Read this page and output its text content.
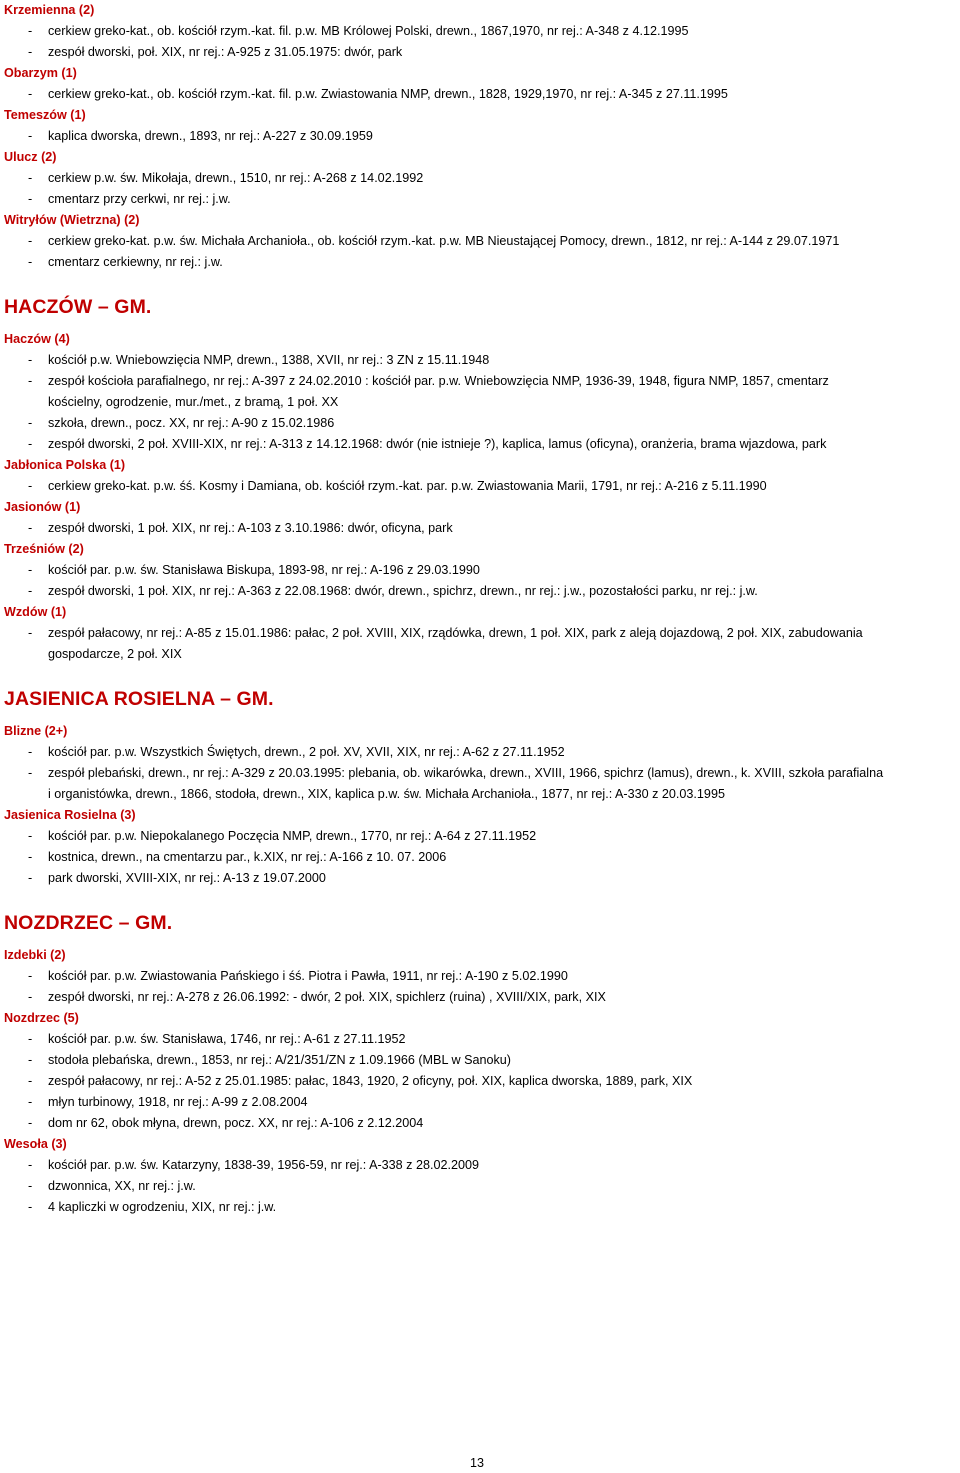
Krzemienna (2)
- cerkiew greko-kat., ob. kościół rzym.-kat. fil. p.w. MB Królowej Polski, drewn., 1867,1970, nr rej.: A-348 z 4.12.1995
- zespół dworski, poł. XIX, nr rej.: A-925 z 31.05.1975: dwór, park
Obarzym (1)
- cerkiew greko-kat., ob. kościół rzym.-kat. fil. p.w. Zwiastowania NMP, drewn., 1828, 1929,1970, nr rej.: A-345 z 27.11.1995
Temeszów (1)
- kaplica dworska, drewn., 1893, nr rej.: A-227 z 30.09.1959
Ulucz (2)
- cerkiew p.w. św. Mikołaja, drewn., 1510, nr rej.: A-268 z 14.02.1992
- cmentarz przy cerkwi, nr rej.: j.w.
Witryłów (Wietrzna) (2)
- cerkiew greko-kat. p.w. św. Michała Archanioła., ob. kościół rzym.-kat. p.w. MB Nieustającej Pomocy, drewn., 1812, nr rej.: A-144 z 29.07.1971
- cmentarz cerkiewny, nr rej.: j.w.
HACZÓW – GM.
Haczów (4)
- kościół p.w. Wniebowzięcia NMP, drewn., 1388, XVII, nr rej.: 3 ZN z 15.11.1948
- zespół kościoła parafialnego, nr rej.: A-397 z 24.02.2010 : kościół par. p.w. Wniebowzięcia NMP, 1936-39, 1948, figura NMP, 1857, cmentarz
kościelny, ogrodzenie, mur./met., z bramą, 1 poł. XX
- szkoła, drewn., pocz. XX, nr rej.: A-90 z 15.02.1986
- zespół dworski, 2 poł. XVIII-XIX, nr rej.: A-313 z 14.12.1968: dwór (nie istnieje ?), kaplica, lamus (oficyna), oranżeria, brama wjazdowa, park
Jabłonica Polska (1)
- cerkiew greko-kat. p.w. śś. Kosmy i Damiana, ob. kościół rzym.-kat. par. p.w. Zwiastowania Marii, 1791, nr rej.: A-216 z 5.11.1990
Jasionów (1)
- zespół dworski, 1 poł. XIX, nr rej.: A-103 z 3.10.1986: dwór, oficyna, park
Trześniów (2)
- kościół par. p.w. św. Stanisława Biskupa, 1893-98, nr rej.: A-196 z 29.03.1990
- zespół dworski, 1 poł. XIX, nr rej.: A-363 z 22.08.1968: dwór, drewn., spichrz, drewn., nr rej.: j.w., pozostałości parku, nr rej.: j.w.
Wzdów (1)
- zespół pałacowy, nr rej.: A-85 z 15.01.1986: pałac, 2 poł. XVIII, XIX, rządówka, drewn, 1 poł. XIX, park z aleją dojazdową, 2 poł. XIX, zabudowania
gospodarcze, 2 poł. XIX
JASIENICA ROSIELNA – GM.
Blizne (2+)
- kościół par. p.w. Wszystkich Świętych, drewn., 2 poł. XV, XVII, XIX, nr rej.: A-62 z 27.11.1952
- zespół plebański, drewn., nr rej.: A-329 z 20.03.1995: plebania, ob. wikarówka, drewn., XVIII, 1966, spichrz (lamus), drewn., k. XVIII, szkoła parafialna
i organistówka, drewn., 1866, stodoła, drewn., XIX, kaplica p.w. św. Michała Archanioła., 1877, nr rej.: A-330 z 20.03.1995
Jasienica Rosielna (3)
- kościół par. p.w. Niepokalanego Poczęcia NMP, drewn., 1770, nr rej.: A-64 z 27.11.1952
- kostnica, drewn., na cmentarzu par., k.XIX, nr rej.: A-166 z 10. 07. 2006
- park dworski, XVIII-XIX, nr rej.: A-13 z 19.07.2000
NOZDRZEC – GM.
Izdebki (2)
- kościół par. p.w. Zwiastowania Pańskiego i śś. Piotra i Pawła, 1911, nr rej.: A-190 z 5.02.1990
- zespół dworski, nr rej.: A-278 z 26.06.1992: - dwór, 2 poł. XIX, spichlerz (ruina) , XVIII/XIX, park, XIX
Nozdrzec (5)
- kościół par. p.w. św. Stanisława, 1746, nr rej.: A-61 z 27.11.1952
- stodoła plebańska, drewn., 1853, nr rej.: A/21/351/ZN z 1.09.1966 (MBL w Sanoku)
- zespół pałacowy, nr rej.: A-52 z 25.01.1985: pałac, 1843, 1920, 2 oficyny, poł. XIX, kaplica dworska, 1889, park, XIX
- młyn turbinowy, 1918, nr rej.: A-99 z 2.08.2004
- dom nr 62, obok młyna, drewn, pocz. XX, nr rej.: A-106 z 2.12.2004
Wesoła (3)
- kościół par. p.w. św. Katarzyny, 1838-39, 1956-59, nr rej.: A-338 z 28.02.2009
- dzwonnica, XX, nr rej.: j.w.
- 4 kapliczki w ogrodzeniu, XIX, nr rej.: j.w.
13
